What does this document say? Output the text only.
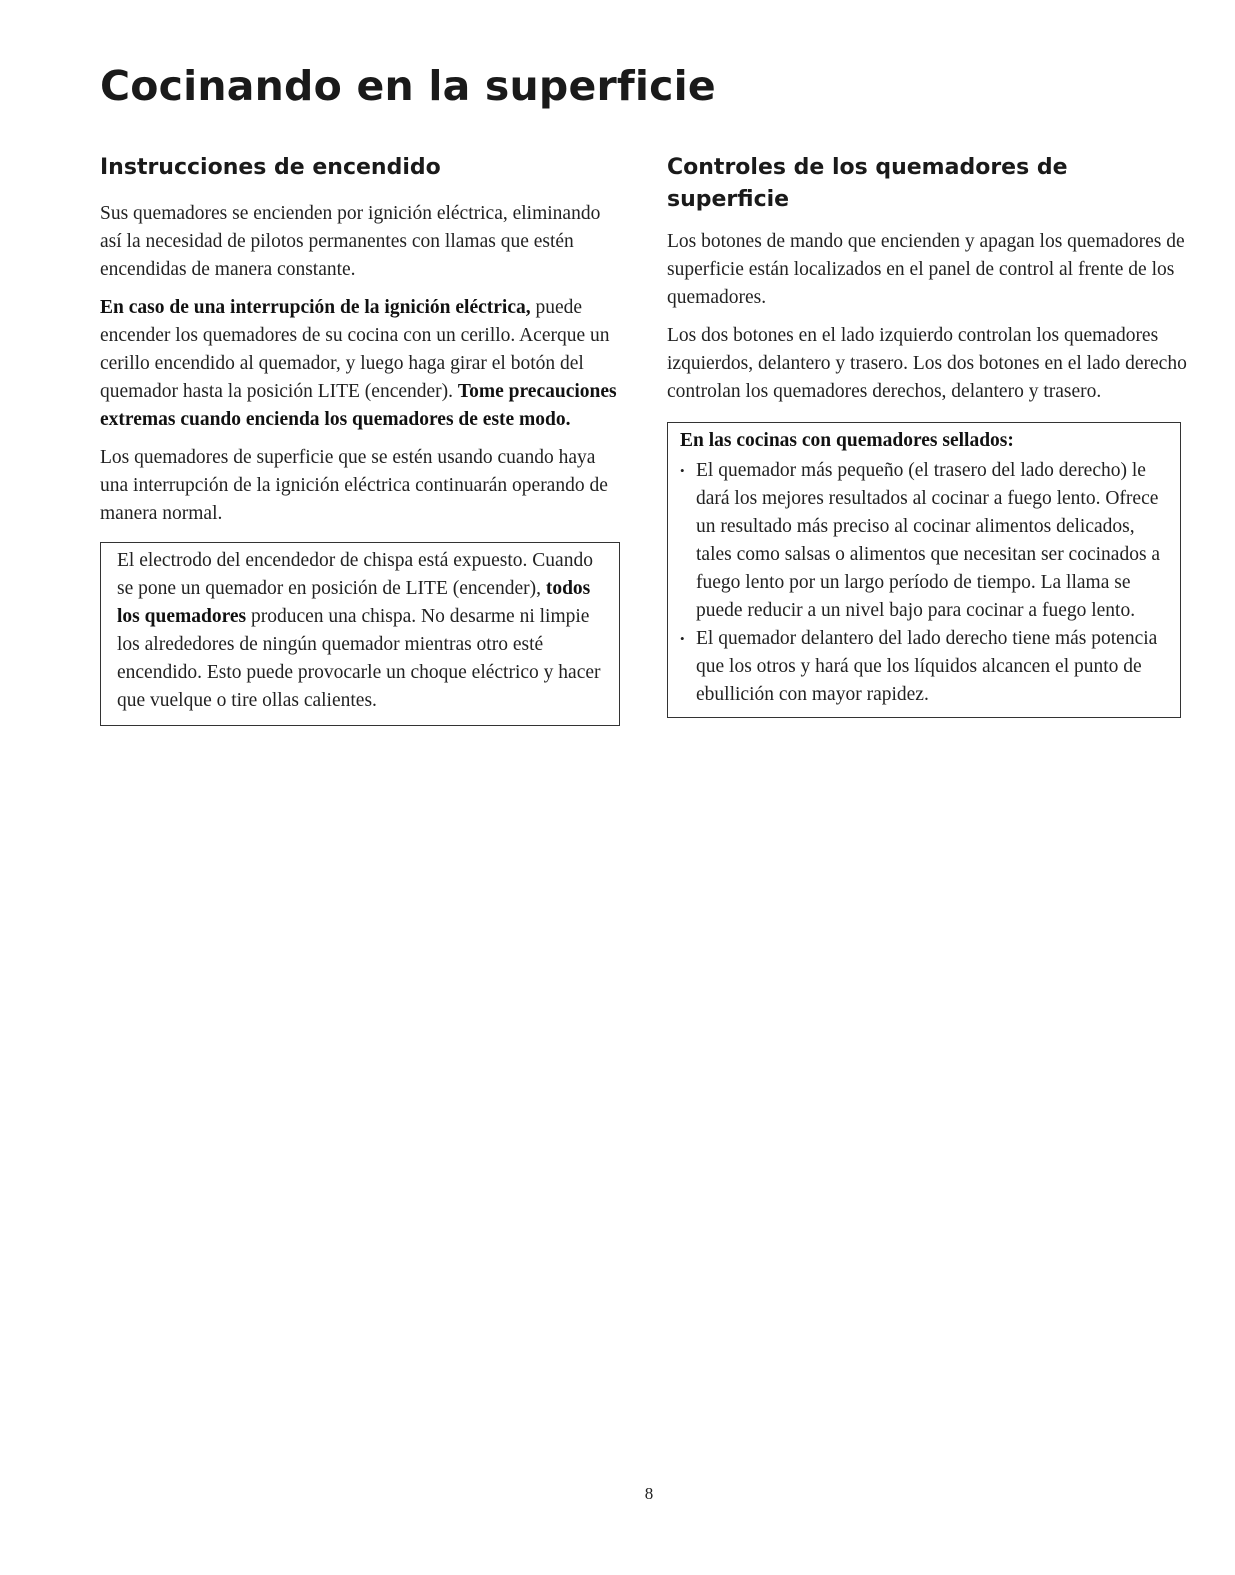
Cocinando en la superficie
Instrucciones de encendido

Sus quemadores se encienden por ignición eléctrica, eliminando así la necesidad de pilotos permanentes con llamas que estén encendidas de manera constante.

En caso de una interrupción de la ignición eléctrica, puede encender los quemadores de su cocina con un cerillo. Acerque un cerillo encendido al quemador, y luego haga girar el botón del quemador hasta la posición LITE (encender). Tome precauciones extremas cuando encienda los quemadores de este modo.

Los quemadores de superficie que se estén usando cuando haya una interrupción de la ignición eléctrica continuarán operando de manera normal.

El electrodo del encendedor de chispa está expuesto. Cuando se pone un quemador en posición de LITE (encender), todos los quemadores producen una chispa. No desarme ni limpie los alrededores de ningún quemador mientras otro esté encendido. Esto puede provocarle un choque eléctrico y hacer que vuelque o tire ollas calientes.

Controles de los quemadores de superficie

Los botones de mando que encienden y apagan los quemadores de superficie están localizados en el panel de control al frente de los quemadores.

Los dos botones en el lado izquierdo controlan los quemadores izquierdos, delantero y trasero. Los dos botones en el lado derecho controlan los quemadores derechos, delantero y trasero.

En las cocinas con quemadores sellados:

• El quemador más pequeño (el trasero del lado derecho) le dará los mejores resultados al cocinar a fuego lento. Ofrece un resultado más preciso al cocinar alimentos delicados, tales como salsas o alimentos que necesitan ser cocinados a fuego lento por un largo período de tiempo. La llama se puede reducir a un nivel bajo para cocinar a fuego lento.
• El quemador delantero del lado derecho tiene más potencia que los otros y hará que los líquidos alcancen el punto de ebullición con mayor rapidez.
8
